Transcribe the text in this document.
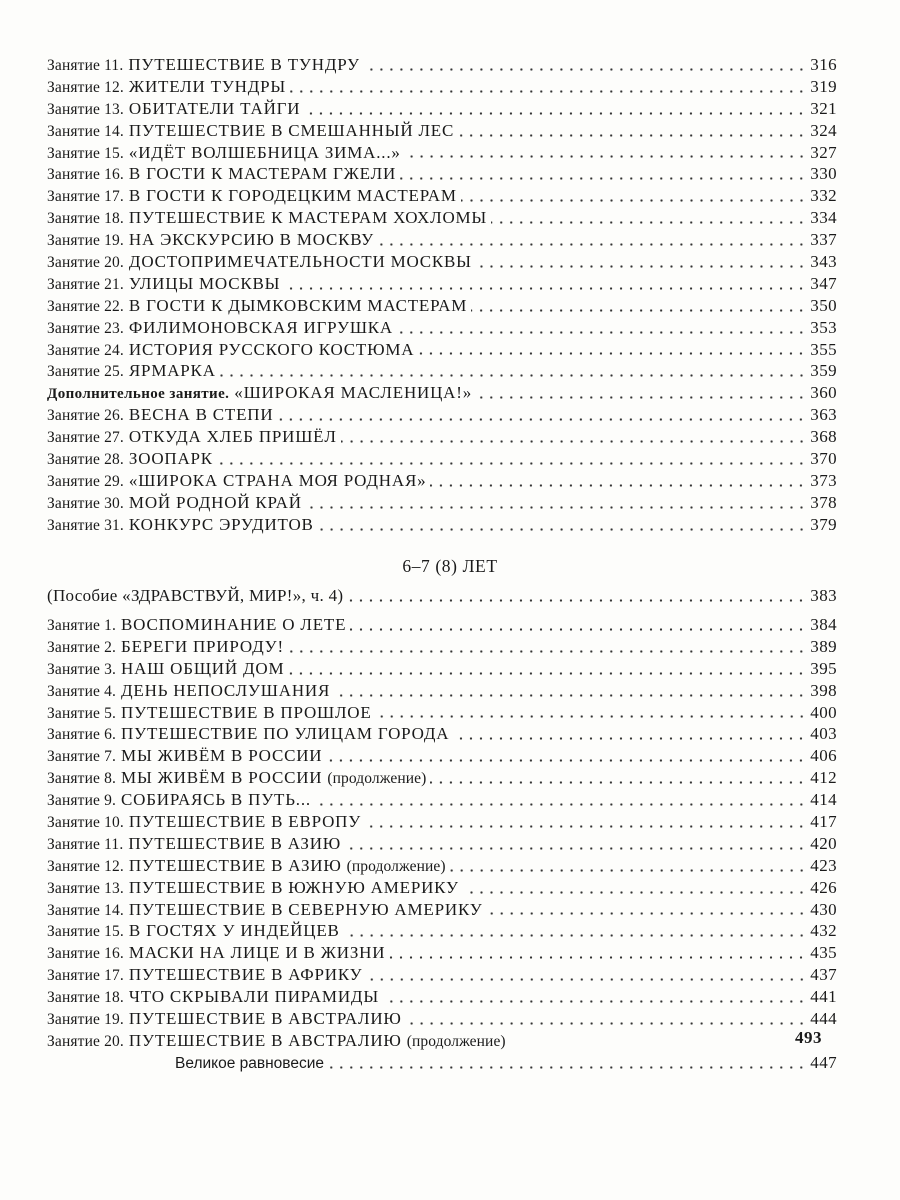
Занятие 11. ПУТЕШЕСТВИЕ В ТУНДРУ	316
Занятие 12. ЖИТЕЛИ ТУНДРЫ	319
Занятие 13. ОБИТАТЕЛИ ТАЙГИ	321
Занятие 14. ПУТЕШЕСТВИЕ В СМЕШАННЫЙ ЛЕС	324
Занятие 15. «ИДЁТ ВОЛШЕБНИЦА ЗИМА...»	327
Занятие 16. В ГОСТИ К МАСТЕРАМ ГЖЕЛИ	330
Занятие 17. В ГОСТИ К ГОРОДЕЦКИМ МАСТЕРАМ	332
Занятие 18. ПУТЕШЕСТВИЕ К МАСТЕРАМ ХОХЛОМЫ	334
Занятие 19. НА ЭКСКУРСИЮ В МОСКВУ	337
Занятие 20. ДОСТОПРИМЕЧАТЕЛЬНОСТИ МОСКВЫ	343
Занятие 21. УЛИЦЫ МОСКВЫ	347
Занятие 22. В ГОСТИ К ДЫМКОВСКИМ МАСТЕРАМ	350
Занятие 23. ФИЛИМОНОВСКАЯ ИГРУШКА	353
Занятие 24. ИСТОРИЯ РУССКОГО КОСТЮМА	355
Занятие 25. ЯРМАРКА	359
Дополнительное занятие. «ШИРОКАЯ МАСЛЕНИЦА!»	360
Занятие 26. ВЕСНА В СТЕПИ	363
Занятие 27. ОТКУДА ХЛЕБ ПРИШЁЛ	368
Занятие 28. ЗООПАРК	370
Занятие 29. «ШИРОКА СТРАНА МОЯ РОДНАЯ»	373
Занятие 30. МОЙ РОДНОЙ КРАЙ	378
Занятие 31. КОНКУРС ЭРУДИТОВ	379
6–7 (8) ЛЕТ
(Пособие «ЗДРАВСТВУЙ, МИР!», ч. 4)	383
Занятие 1. ВОСПОМИНАНИЕ О ЛЕТЕ	384
Занятие 2. БЕРЕГИ ПРИРОДУ!	389
Занятие 3. НАШ ОБЩИЙ ДОМ	395
Занятие 4. ДЕНЬ НЕПОСЛУШАНИЯ	398
Занятие 5. ПУТЕШЕСТВИЕ В ПРОШЛОЕ	400
Занятие 6. ПУТЕШЕСТВИЕ ПО УЛИЦАМ ГОРОДА	403
Занятие 7. МЫ ЖИВЁМ В РОССИИ	406
Занятие 8. МЫ ЖИВЁМ В РОССИИ (продолжение)	412
Занятие 9. СОБИРАЯСЬ В ПУТЬ...	414
Занятие 10. ПУТЕШЕСТВИЕ В ЕВРОПУ	417
Занятие 11. ПУТЕШЕСТВИЕ В АЗИЮ	420
Занятие 12. ПУТЕШЕСТВИЕ В АЗИЮ (продолжение)	423
Занятие 13. ПУТЕШЕСТВИЕ В ЮЖНУЮ АМЕРИКУ	426
Занятие 14. ПУТЕШЕСТВИЕ В СЕВЕРНУЮ АМЕРИКУ	430
Занятие 15. В ГОСТЯХ У ИНДЕЙЦЕВ	432
Занятие 16. МАСКИ НА ЛИЦЕ И В ЖИЗНИ	435
Занятие 17. ПУТЕШЕСТВИЕ В АФРИКУ	437
Занятие 18. ЧТО СКРЫВАЛИ ПИРАМИДЫ	441
Занятие 19. ПУТЕШЕСТВИЕ В АВСТРАЛИЮ	444
Занятие 20. ПУТЕШЕСТВИЕ В АВСТРАЛИЮ (продолжение)
Великое равновесие	447
493
